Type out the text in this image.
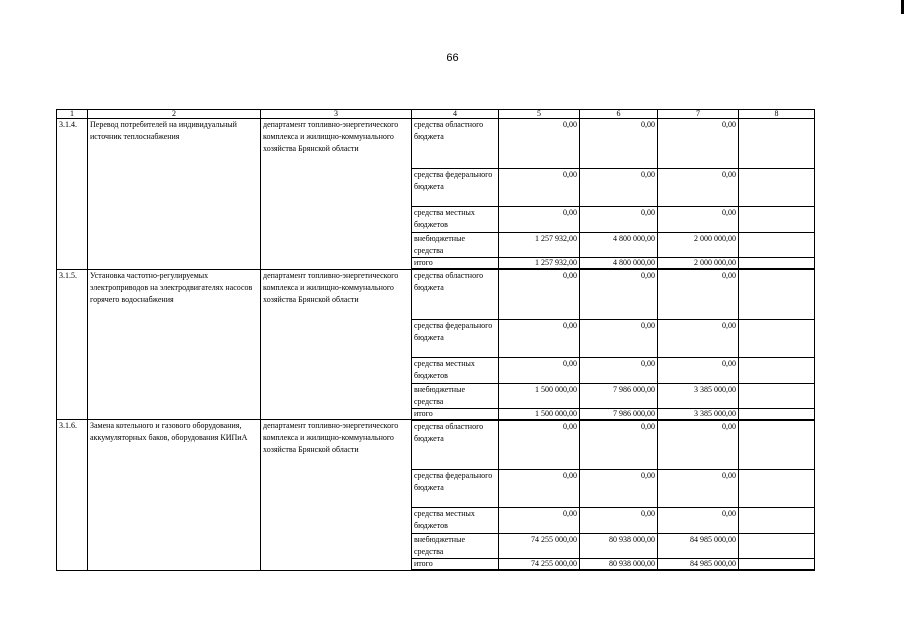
66
1	2	3	4	5	6	7	8
3.1.4.	Перевод потребителей на индивидуальный источник теплоснабжения	департамент топливно-энергетического комплекса и жилищно-коммунального хозяйства Брянской области	средства областного бюджета	0,00	0,00	0,00	
			средства федерального бюджета	0,00	0,00	0,00	
			средства местных бюджетов	0,00	0,00	0,00	
			внебюджетные средства	1 257 932,00	4 800 000,00	2 000 000,00	
			итого	1 257 932,00	4 800 000,00	2 000 000,00	
3.1.5.	Установка частотно-регулируемых электроприводов на электродвигателях насосов горячего водоснабжения	департамент топливно-энергетического комплекса и жилищно-коммунального хозяйства Брянской области	средства областного бюджета	0,00	0,00	0,00	
			средства федерального бюджета	0,00	0,00	0,00	
			средства местных бюджетов	0,00	0,00	0,00	
			внебюджетные средства	1 500 000,00	7 986 000,00	3 385 000,00	
			итого	1 500 000,00	7 986 000,00	3 385 000,00	
3.1.6.	Замена котельного и газового оборудования, аккумуляторных баков, оборудования КИПиА	департамент топливно-энергетического комплекса и жилищно-коммунального хозяйства Брянской области	средства областного бюджета	0,00	0,00	0,00	
			средства федерального бюджета	0,00	0,00	0,00	
			средства местных бюджетов	0,00	0,00	0,00	
			внебюджетные средства	74 255 000,00	80 938 000,00	84 985 000,00	
			итого	74 255 000,00	80 938 000,00	84 985 000,00	
